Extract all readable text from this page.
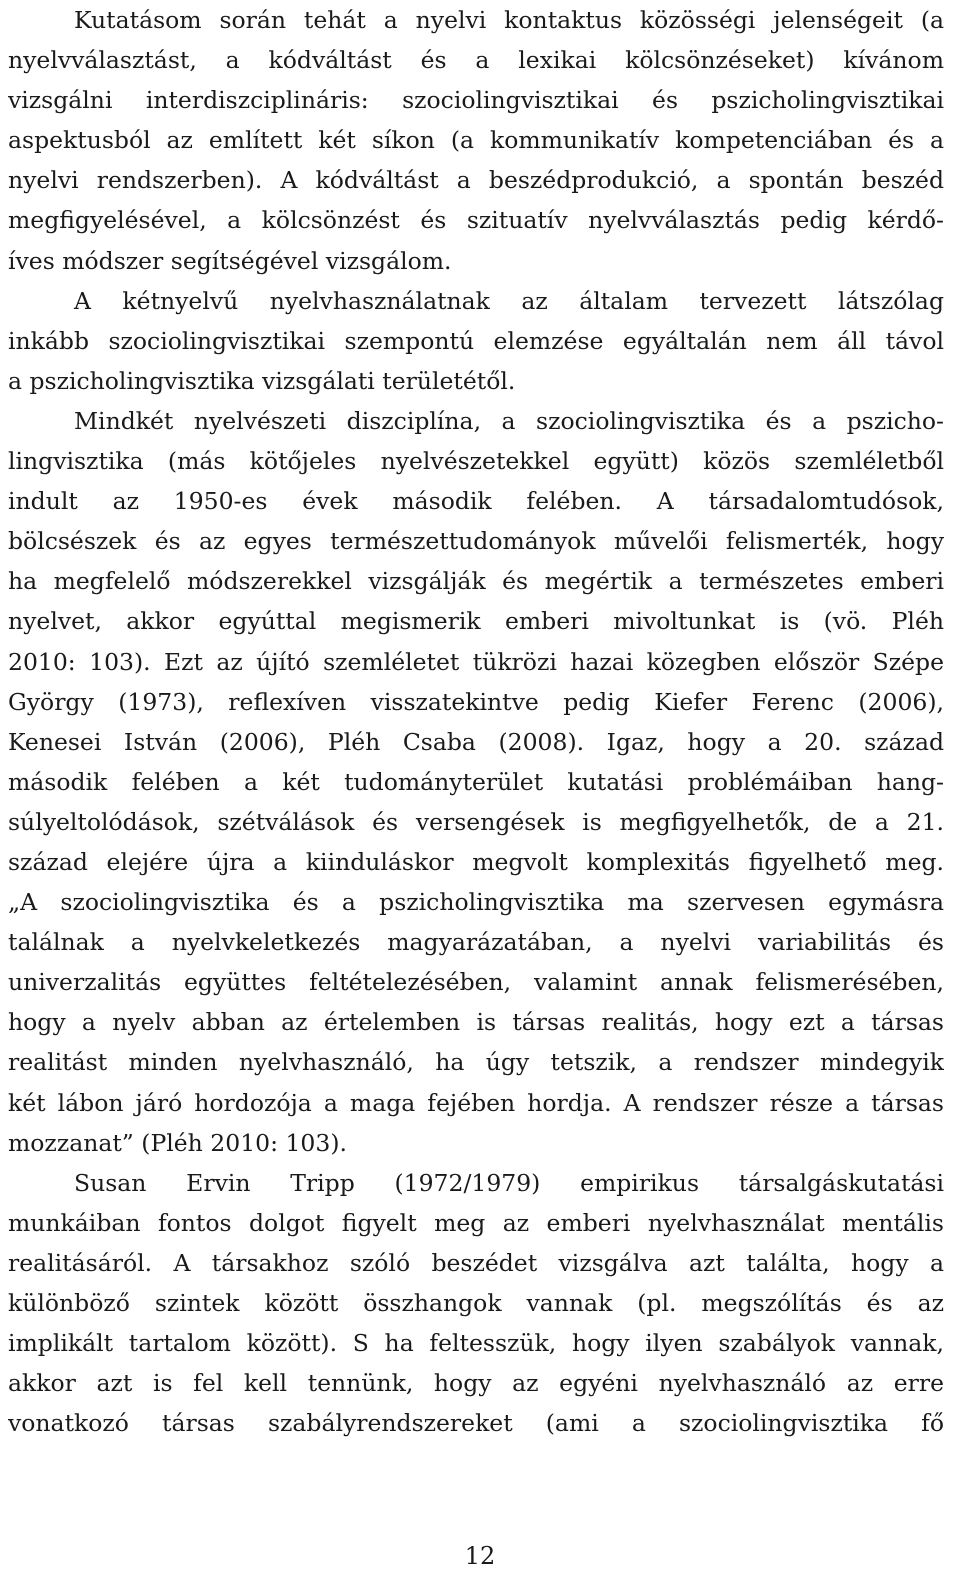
Kutatásom során tehát a nyelvi kontaktus közösségi jelenségeit (a
nyelvválasztást, a kódváltást és a lexikai kölcsönzéseket) kívánom
vizsgálni interdiszciplináris: szociolingvisztikai és pszicholingvisztikai
aspektusból az említett két síkon (a kommunikatív kompetenciában és a
nyelvi rendszerben). A kódváltást a beszédprodukció, a spontán beszéd
megfigyelésével, a kölcsönzést és szituatív nyelvválasztás pedig kérdő-
íves módszer segítségével vizsgálom.
A kétnyelvű nyelvhasználatnak az általam tervezett látszólag
inkább szociolingvisztikai szempontú elemzése egyáltalán nem áll távol
a pszicholingvisztika vizsgálati területétől.
Mindkét nyelvészeti diszciplína, a szociolingvisztika és a pszicho-
lingvisztika (más kötőjeles nyelvészetekkel együtt) közös szemléletből
indult az 1950-es évek második felében. A társadalomtudósok,
bölcsészek és az egyes természettudományok művelői felismerték, hogy
ha megfelelő módszerekkel vizsgálják és megértik a természetes emberi
nyelvet, akkor egyúttal megismerik emberi mivoltunkat is (vö. Pléh
2010: 103). Ezt az újító szemléletet tükrözi hazai közegben először Szépe
György (1973), reflexíven visszatekintve pedig Kiefer Ferenc (2006),
Kenesei István (2006), Pléh Csaba (2008). Igaz, hogy a 20. század
második felében a két tudományterület kutatási problémáiban hang-
súlyeltolódások, szétválások és versengések is megfigyelhetők, de a 21.
század elejére újra a kiinduláskor megvolt komplexitás figyelhető meg.
„A szociolingvisztika és a pszicholingvisztika ma szervesen egymásra
találnak a nyelvkeletkezés magyarázatában, a nyelvi variabilitás és
univerzalitás együttes feltételezésében, valamint annak felismerésében,
hogy a nyelv abban az értelemben is társas realitás, hogy ezt a társas
realitást minden nyelvhasználó, ha úgy tetszik, a rendszer mindegyik
két lábon járó hordozója a maga fejében hordja. A rendszer része a társas
mozzanat” (Pléh 2010: 103).
Susan Ervin Tripp (1972/1979) empirikus társalgáskutatási
munkáiban fontos dolgot figyelt meg az emberi nyelvhasználat mentális
realitásáról. A társakhoz szóló beszédet vizsgálva azt találta, hogy a
különböző szintek között összhangok vannak (pl. megszólítás és az
implikált tartalom között). S ha feltesszük, hogy ilyen szabályok vannak,
akkor azt is fel kell tennünk, hogy az egyéni nyelvhasználó az erre
vonatkozó társas szabályrendszereket (ami a szociolingvisztika fő
12
